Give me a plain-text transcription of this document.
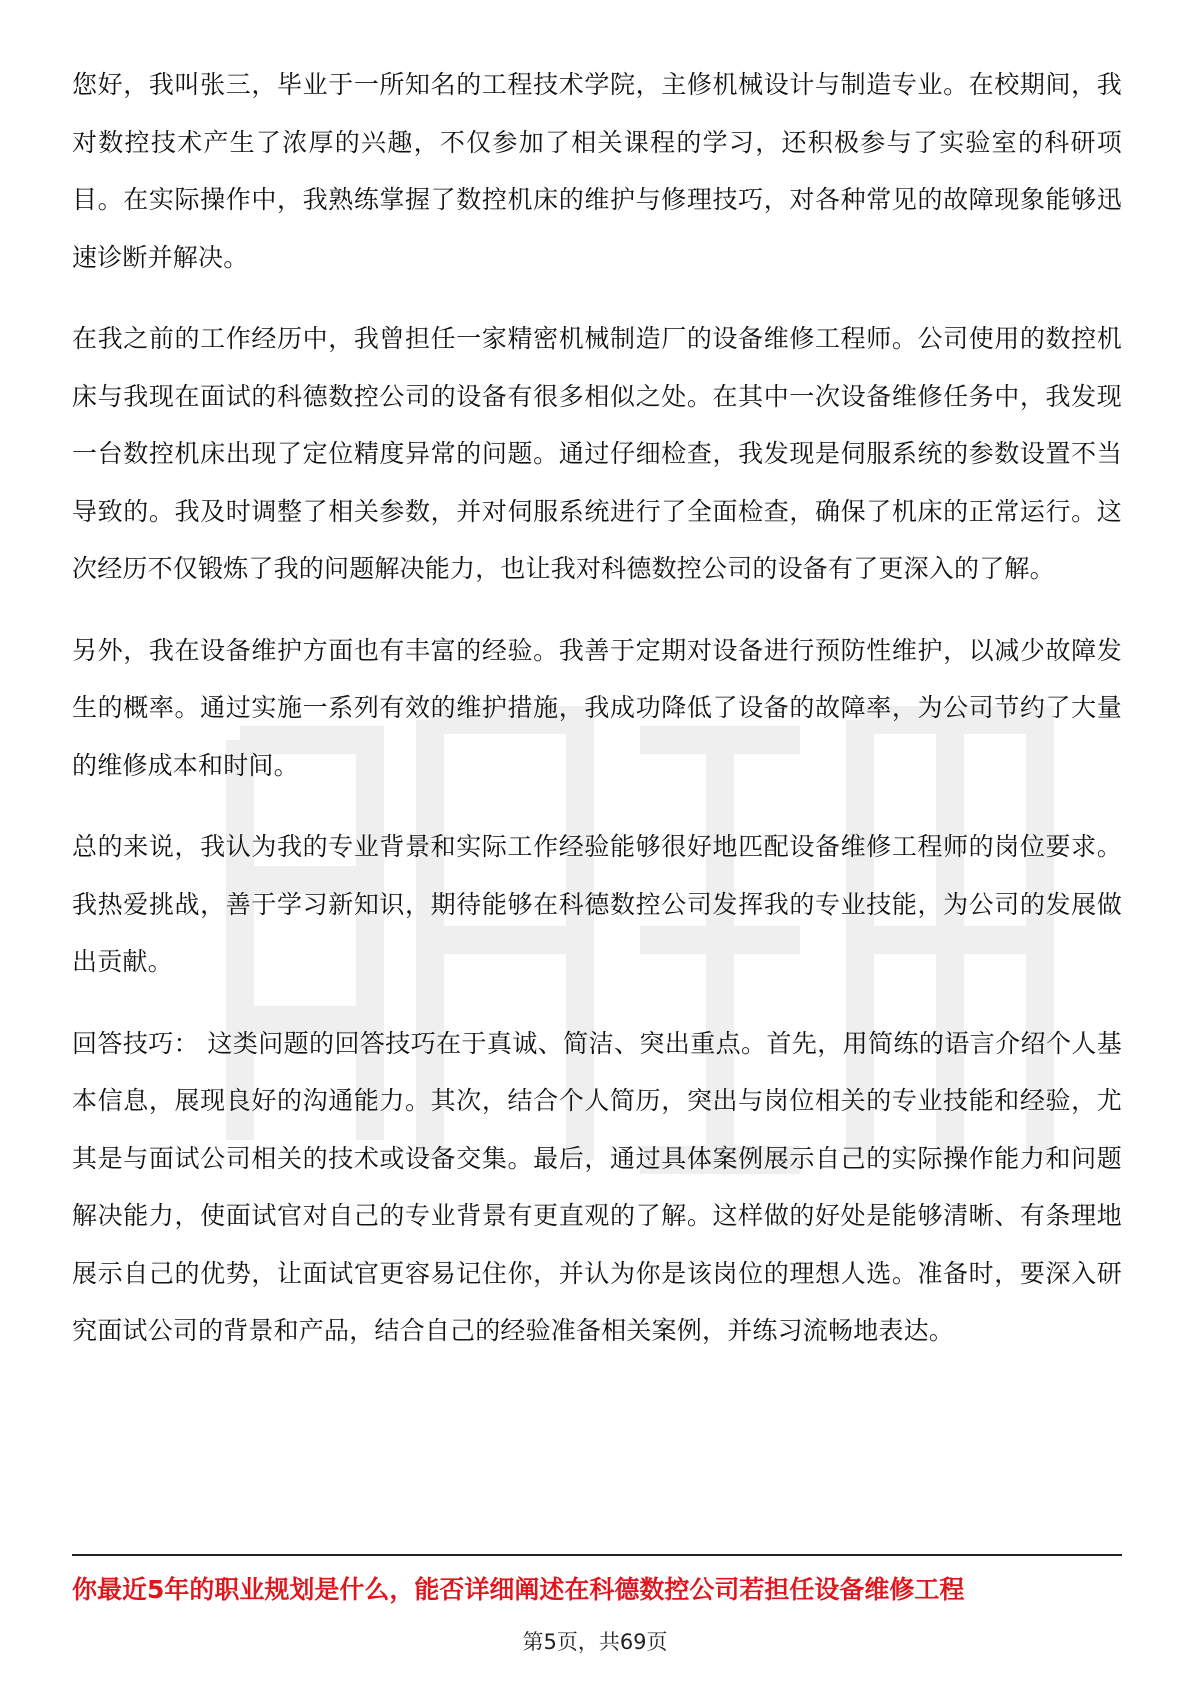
您好，我叫张三，毕业于一所知名的工程技术学院，主修机械设计与制造专业。在校期间，我对数控技术产生了浓厚的兴趣，不仅参加了相关课程的学习，还积极参与了实验室的科研项目。在实际操作中，我熟练掌握了数控机床的维护与修理技巧，对各种常见的故障现象能够迅速诊断并解决。

在我之前的工作经历中，我曾担任一家精密机械制造厂的设备维修工程师。公司使用的数控机床与我现在面试的科德数控公司的设备有很多相似之处。在其中一次设备维修任务中，我发现一台数控机床出现了定位精度异常的问题。通过仔细检查，我发现是伺服系统的参数设置不当导致的。我及时调整了相关参数，并对伺服系统进行了全面检查，确保了机床的正常运行。这次经历不仅锻炼了我的问题解决能力，也让我对科德数控公司的设备有了更深入的了解。

另外，我在设备维护方面也有丰富的经验。我善于定期对设备进行预防性维护，以减少故障发生的概率。通过实施一系列有效的维护措施，我成功降低了设备的故障率，为公司节约了大量的维修成本和时间。

总的来说，我认为我的专业背景和实际工作经验能够很好地匹配设备维修工程师的岗位要求。我热爱挑战，善于学习新知识，期待能够在科德数控公司发挥我的专业技能，为公司的发展做出贡献。

回答技巧： 这类问题的回答技巧在于真诚、简洁、突出重点。首先，用简练的语言介绍个人基本信息，展现良好的沟通能力。其次，结合个人简历，突出与岗位相关的专业技能和经验，尤其是与面试公司相关的技术或设备交集。最后，通过具体案例展示自己的实际操作能力和问题解决能力，使面试官对自己的专业背景有更直观的了解。这样做的好处是能够清晰、有条理地展示自己的优势，让面试官更容易记住你，并认为你是该岗位的理想人选。准备时，要深入研究面试公司的背景和产品，结合自己的经验准备相关案例，并练习流畅地表达。

你最近5年的职业规划是什么，能否详细阐述在科德数控公司若担任设备维修工程
第5页，共69页
